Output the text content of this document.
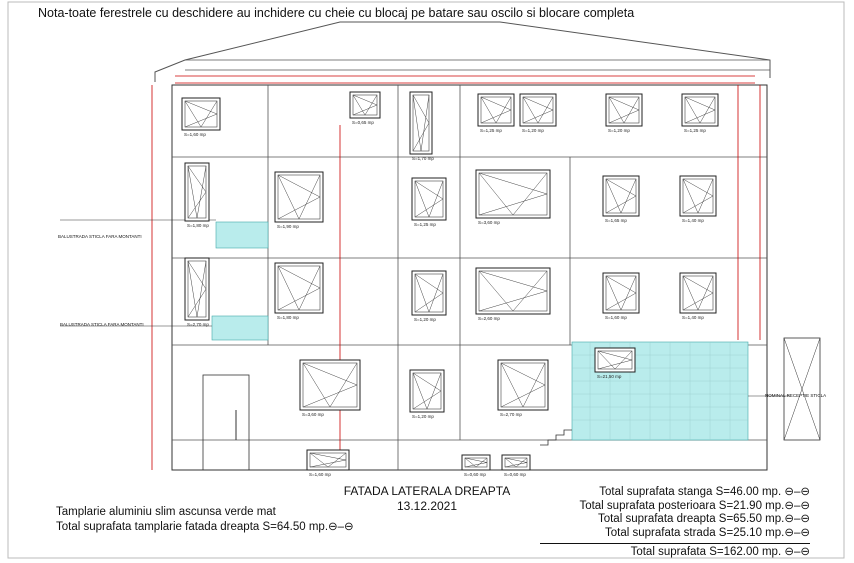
Nota-toate ferestrele cu deschidere au inchidere cu cheie cu blocaj pe batare sau oscilo si blocare completa
S=1,60 mp
S=0,65 mp
S=1,25 mp	S=1,20 mp	S=1,20 mp	S=1,25 mp
S=1,70 mp
S=1,80 mp	S=1,90 mp	S=1,25 mp	S=3,60 mp	S=1,65 mp	S=1,40 mp
S=2,70 mp
S=1,80 mp	S=1,20 mp	S=2,60 mp	S=1,60 mp	S=1,40 mp
S=3,60 mp	S=1,20 mp	S=2,70 mp
S=21,50 mp
S=1,60 mp	S=0,60 mp	S=0,60 mp
BALUSTRADA STICLA FARA MONTANTI
BALUSTRADA STICLA FARA MONTANTI
NOMINAL RECEPTIE STICLA
FATADA LATERALA DREAPTA
13.12.2021
Tamplarie aluminiu slim ascunsa verde mat
Total suprafata tamplarie fatada dreapta S=64.50 mp.⊖–⊖
Total suprafata stanga S=46.00 mp. ⊖–⊖
Total suprafata posterioara S=21.90 mp.⊖–⊖
Total suprafata dreapta S=65.50 mp.⊖–⊖
Total suprafata strada S=25.10 mp.⊖–⊖
Total suprafata S=162.00 mp. ⊖–⊖
